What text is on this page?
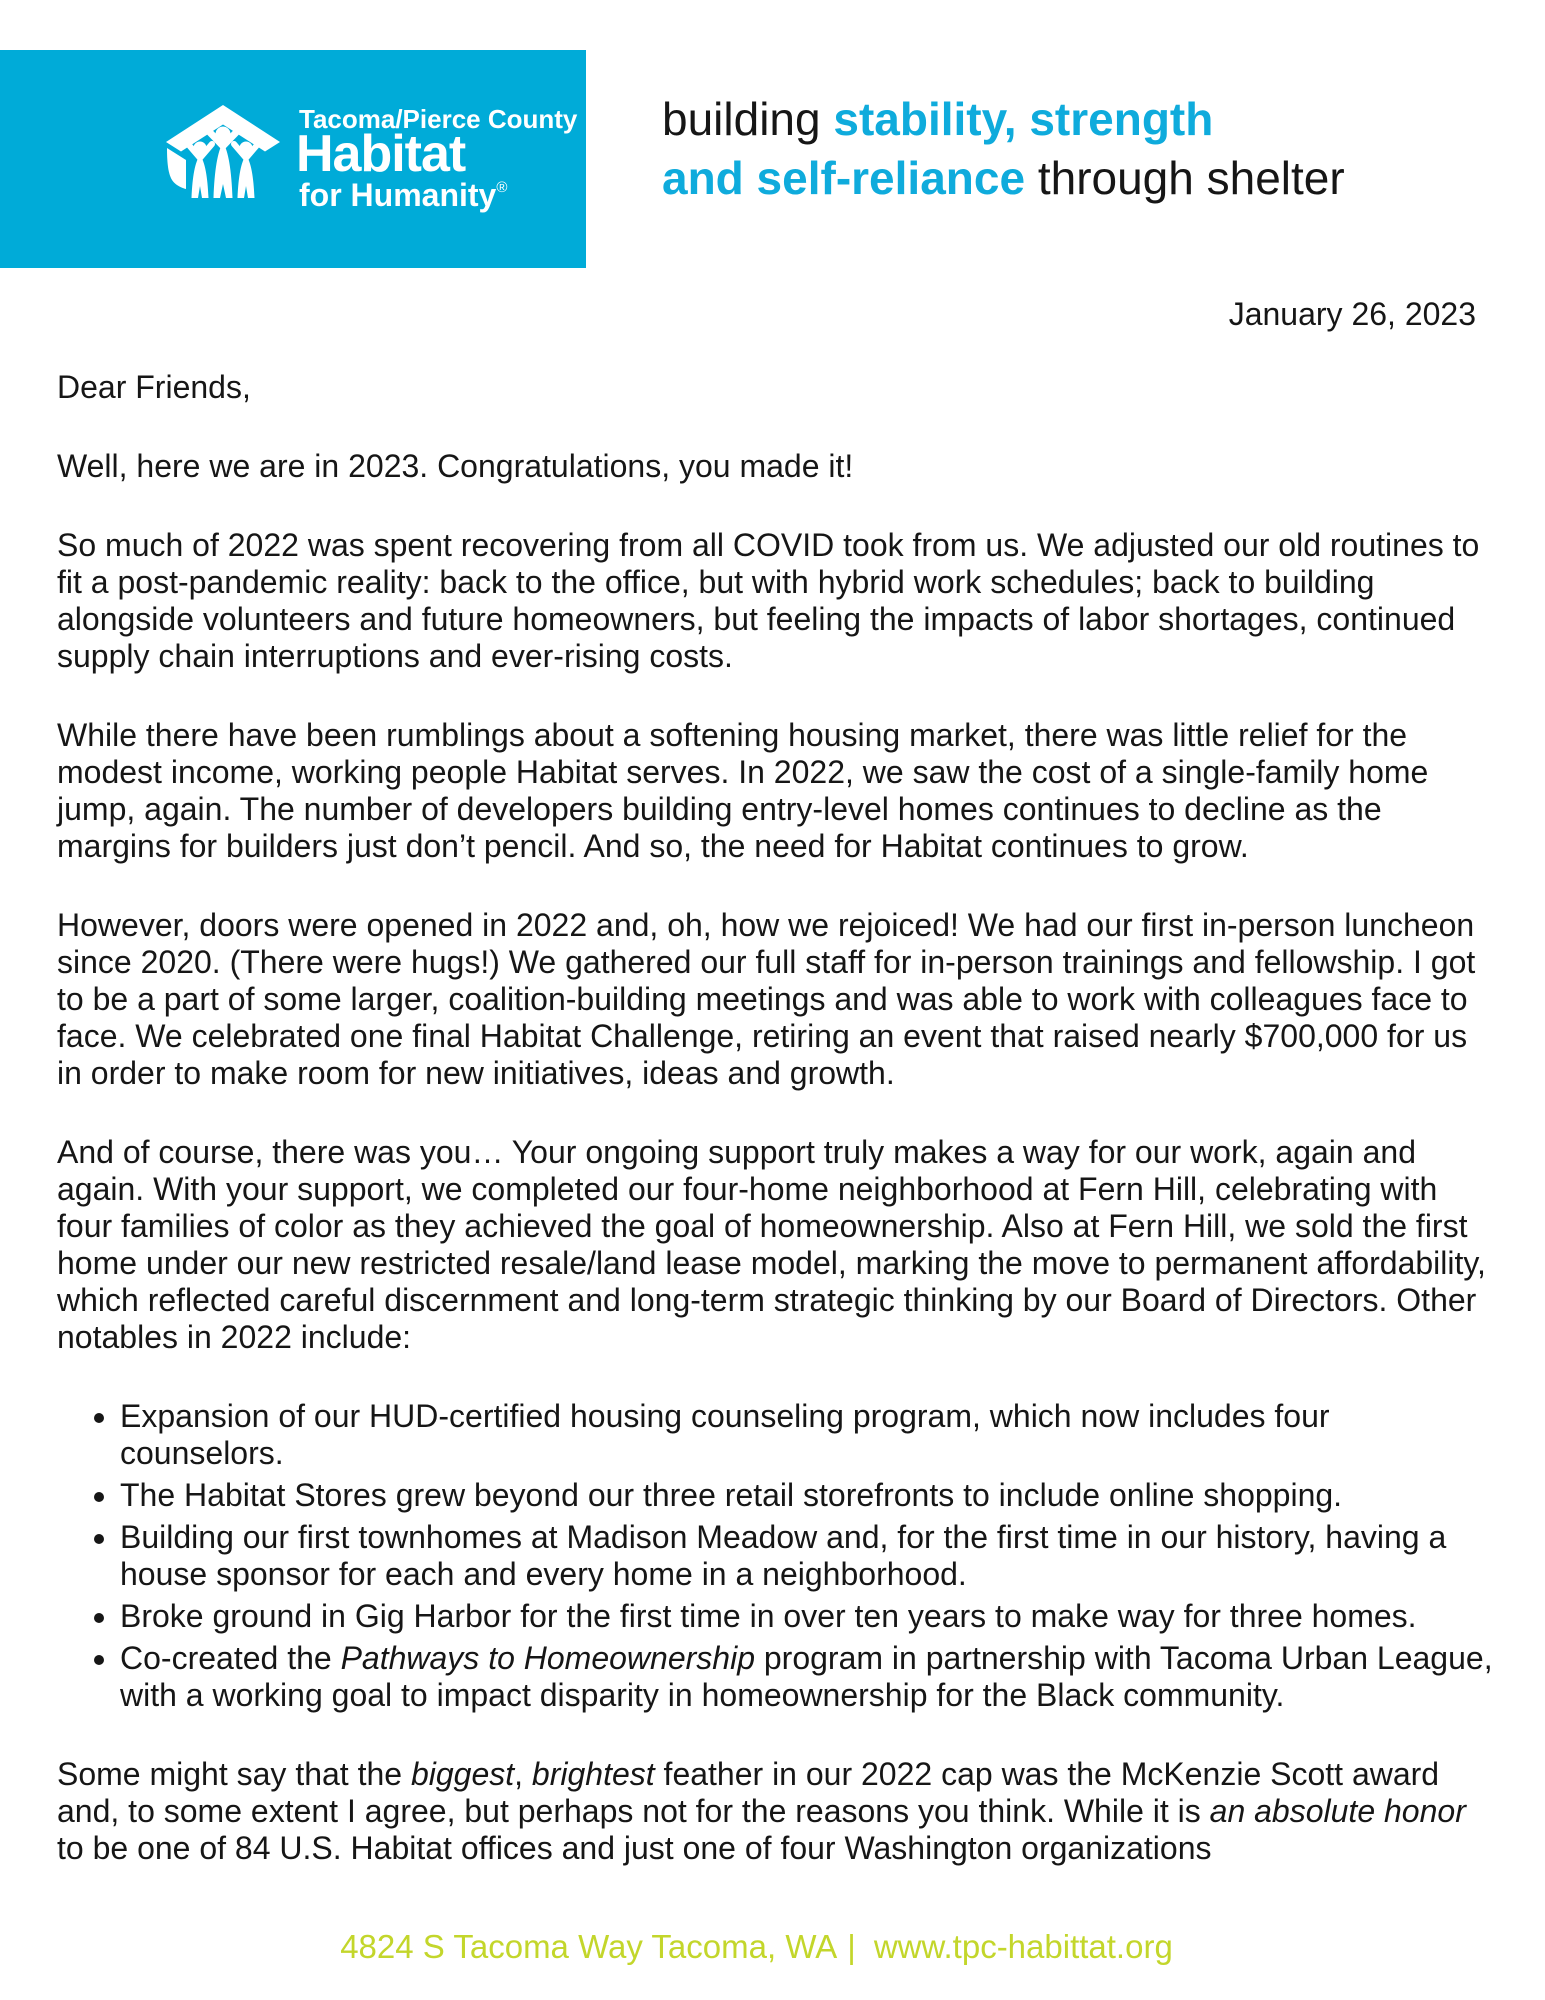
Tacoma/Pierce County
Habitat
for Humanity®
building stability, strength
and self-reliance through shelter
January 26, 2023

Dear Friends,

Well, here we are in 2023. Congratulations, you made it!

So much of 2022 was spent recovering from all COVID took from us. We adjusted our old routines to fit a post-pandemic reality: back to the office, but with hybrid work schedules; back to building alongside volunteers and future homeowners, but feeling the impacts of labor shortages, continued supply chain interruptions and ever-rising costs.

While there have been rumblings about a softening housing market, there was little relief for the modest income, working people Habitat serves. In 2022, we saw the cost of a single-family home jump, again. The number of developers building entry-level homes continues to decline as the margins for builders just don’t pencil. And so, the need for Habitat continues to grow.

However, doors were opened in 2022 and, oh, how we rejoiced! We had our first in-person luncheon since 2020. (There were hugs!) We gathered our full staff for in-person trainings and fellowship. I got to be a part of some larger, coalition-building meetings and was able to work with colleagues face to face. We celebrated one final Habitat Challenge, retiring an event that raised nearly $700,000 for us in order to make room for new initiatives, ideas and growth.

And of course, there was you… Your ongoing support truly makes a way for our work, again and again. With your support, we completed our four-home neighborhood at Fern Hill, celebrating with four families of color as they achieved the goal of homeownership. Also at Fern Hill, we sold the first home under our new restricted resale/land lease model, marking the move to permanent affordability, which reflected careful discernment and long-term strategic thinking by our Board of Directors. Other notables in 2022 include:

• Expansion of our HUD-certified housing counseling program, which now includes four counselors.
• The Habitat Stores grew beyond our three retail storefronts to include online shopping.
• Building our first townhomes at Madison Meadow and, for the first time in our history, having a house sponsor for each and every home in a neighborhood.
• Broke ground in Gig Harbor for the first time in over ten years to make way for three homes.
• Co-created the Pathways to Homeownership program in partnership with Tacoma Urban League, with a working goal to impact disparity in homeownership for the Black community.

Some might say that the biggest, brightest feather in our 2022 cap was the McKenzie Scott award and, to some extent I agree, but perhaps not for the reasons you think. While it is an absolute honor to be one of 84 U.S. Habitat offices and just one of four Washington organizations

4824 S Tacoma Way Tacoma, WA | www.tpc-habittat.org
